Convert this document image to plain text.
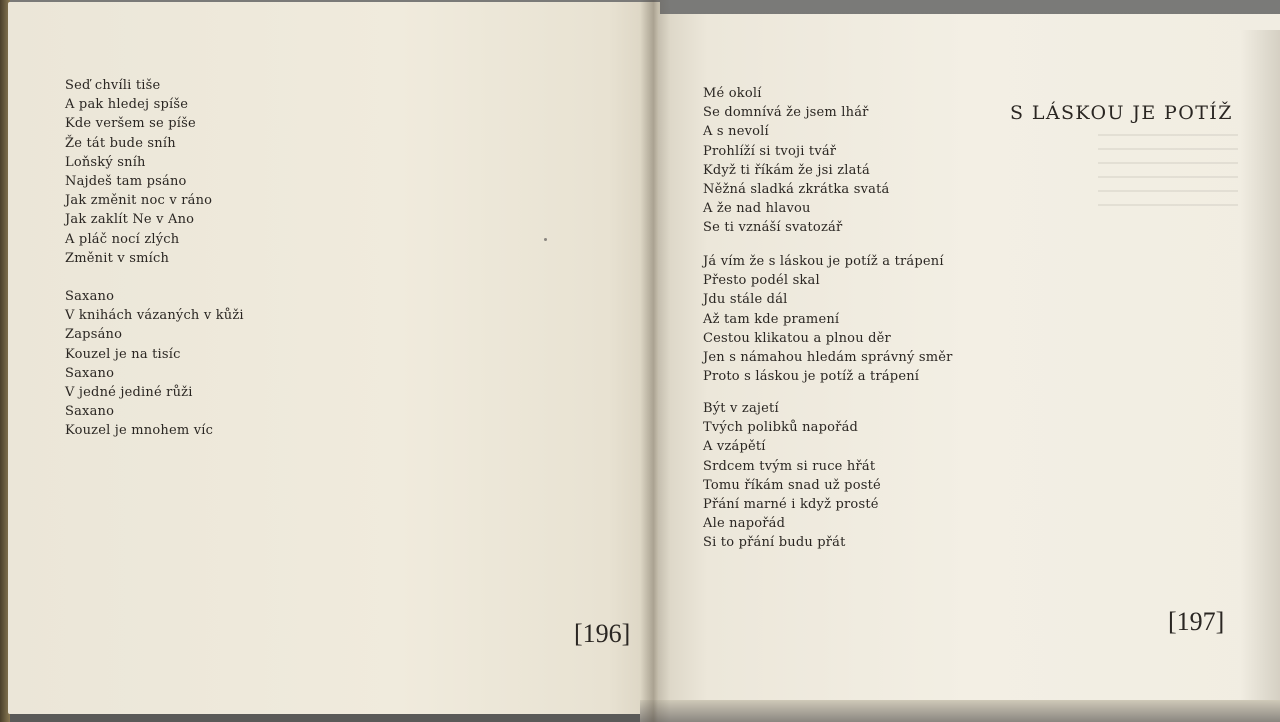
Seď chvíli tiše
A pak hledej spíše
Kde veršem se píše
Že tát bude sníh
Loňský sníh
Najdeš tam psáno
Jak změnit noc v ráno
Jak zaklít Ne v Ano
A pláč nocí zlých
Změnit v smích
Saxano
V knihách vázaných v kůži
Zapsáno
Kouzel je na tisíc
Saxano
V jedné jediné růži
Saxano
Kouzel je mnohem víc
[196]
S LÁSKOU JE POTÍŽ
Mé okolí
Se domnívá že jsem lhář
A s nevolí
Prohlíží si tvoji tvář
Když ti říkám že jsi zlatá
Něžná sladká zkrátka svatá
A že nad hlavou
Se ti vznáší svatozář
Já vím že s láskou je potíž a trápení
Přesto podél skal
Jdu stále dál
Až tam kde pramení
Cestou klikatou a plnou děr
Jen s námahou hledám správný směr
Proto s láskou je potíž a trápení
Být v zajetí
Tvých polibků napořád
A vzápětí
Srdcem tvým si ruce hřát
Tomu říkám snad už posté
Přání marné i když prosté
Ale napořád
Si to přání budu přát
[197]
